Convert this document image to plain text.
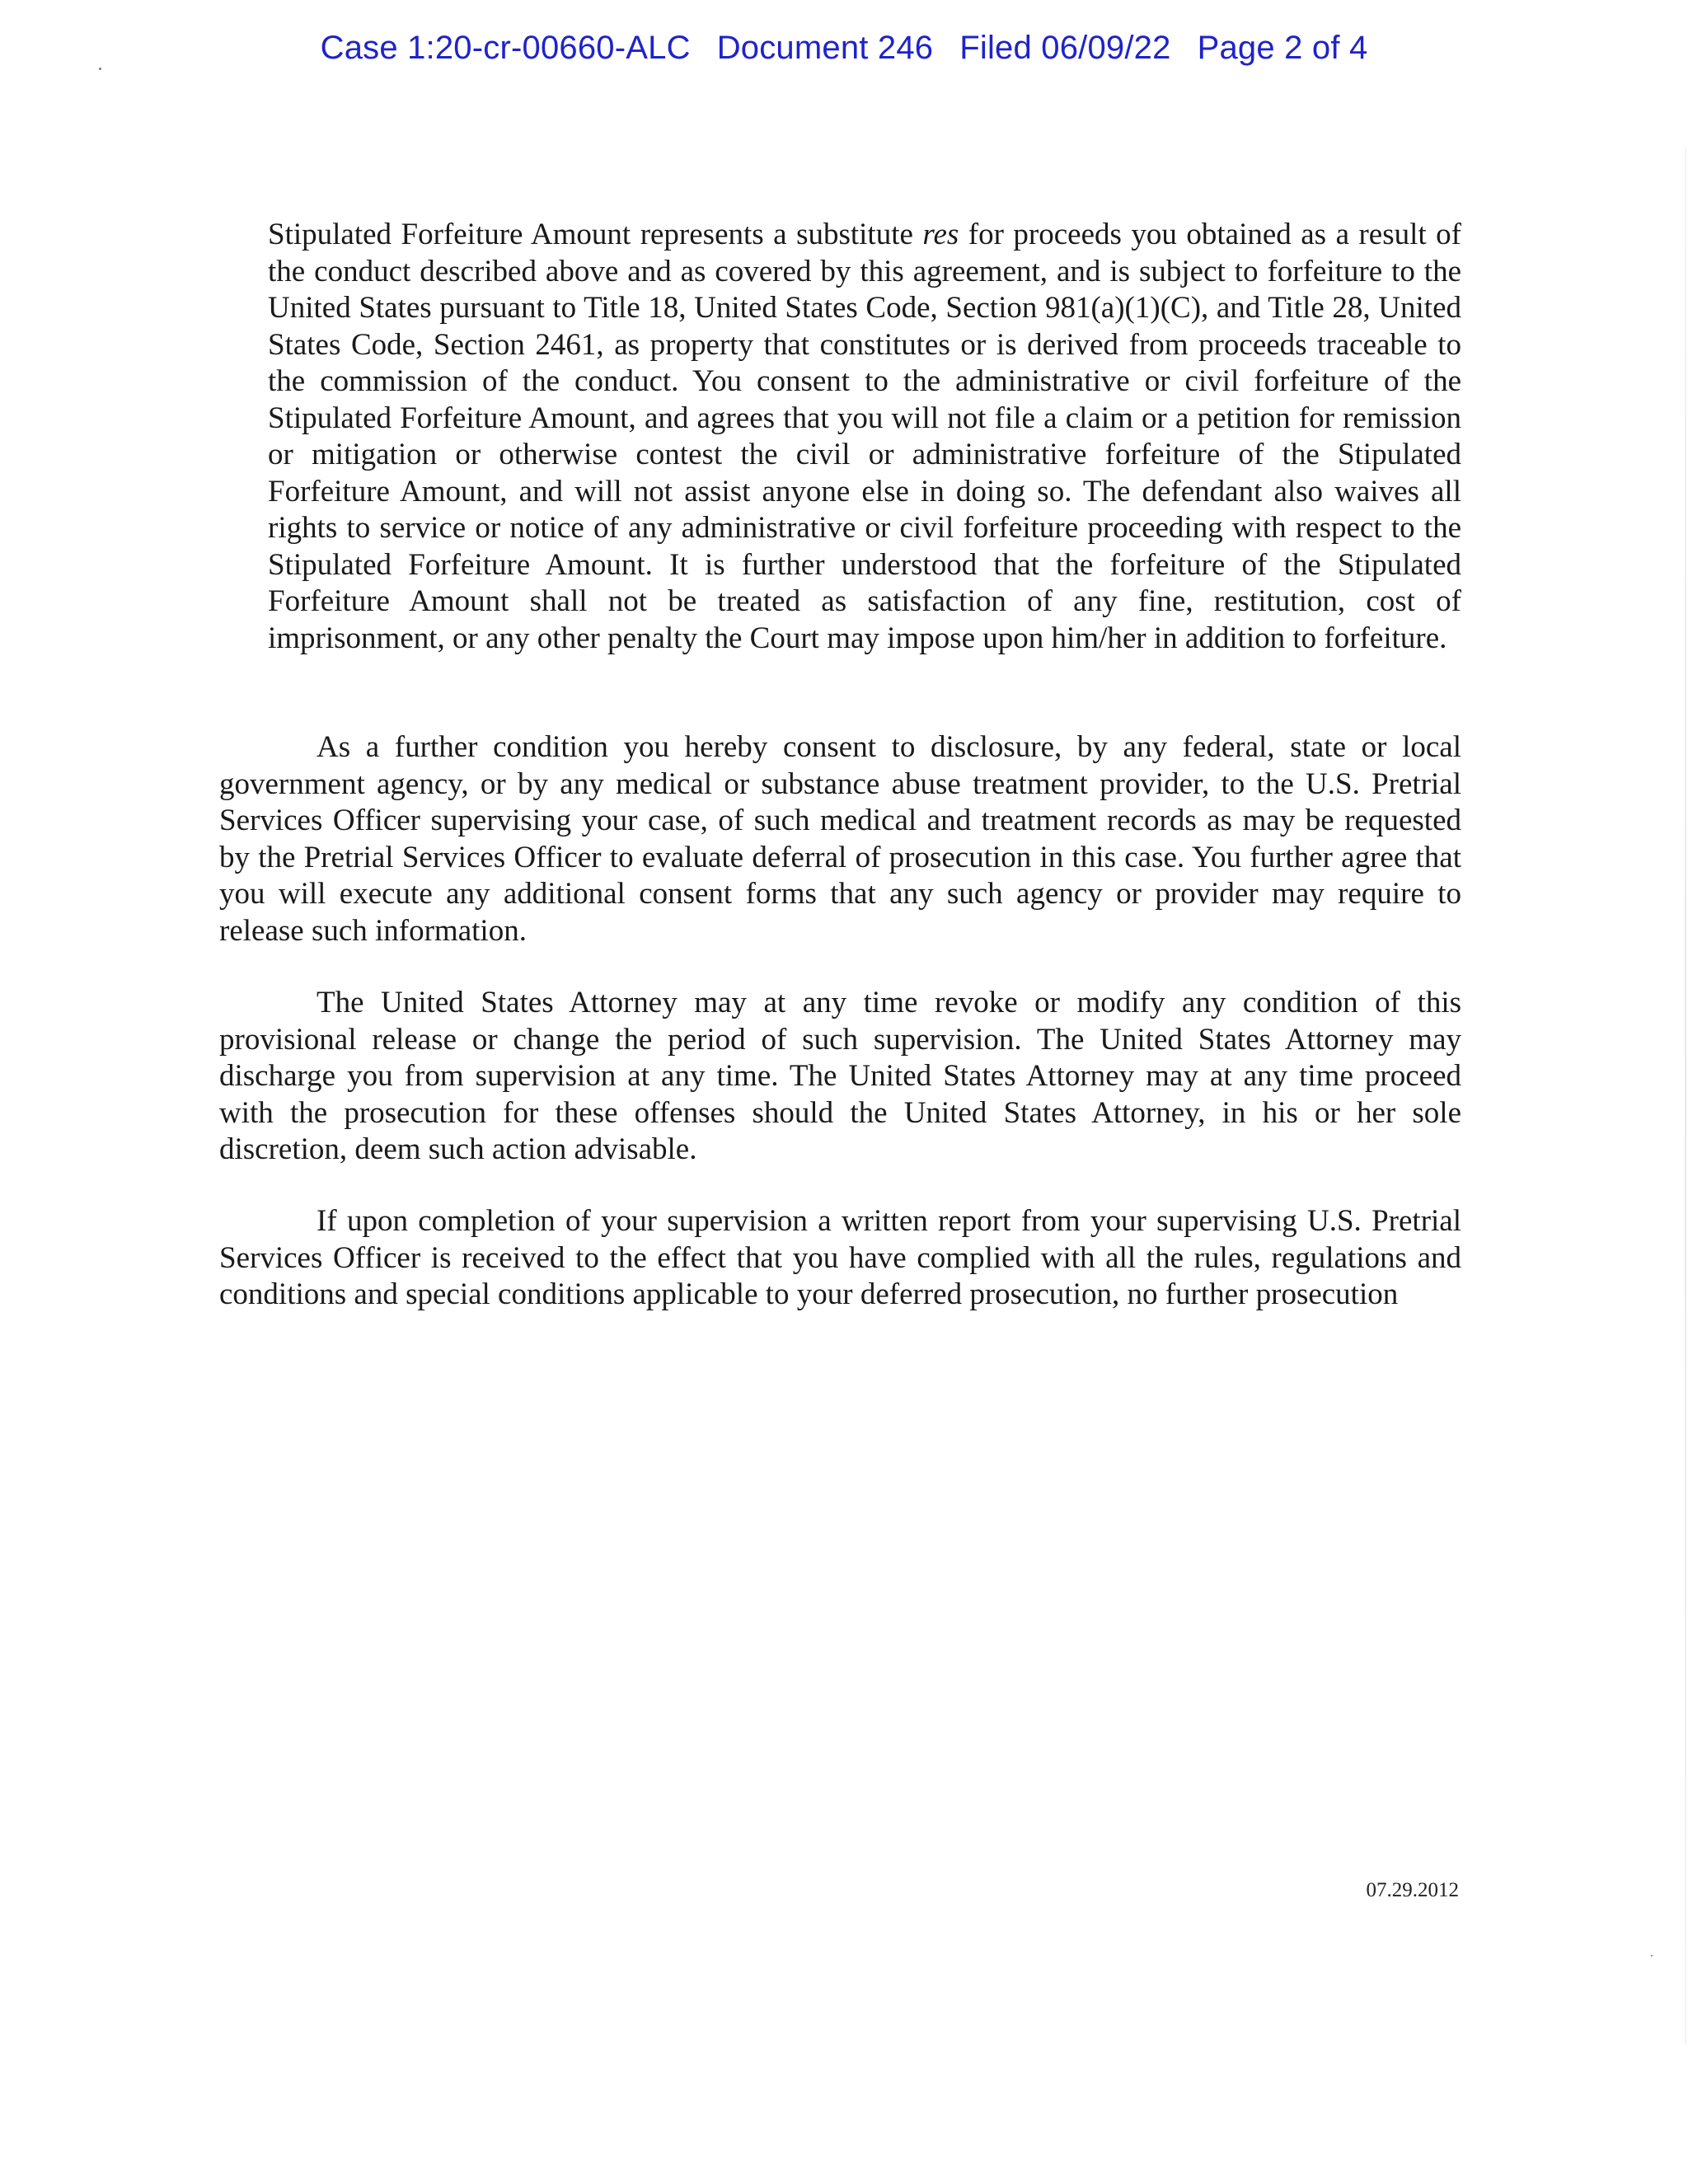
Case 1:20-cr-00660-ALC Document 246 Filed 06/09/22 Page 2 of 4
Stipulated Forfeiture Amount represents a substitute res for proceeds you obtained as a result of the conduct described above and as covered by this agreement, and is subject to forfeiture to the United States pursuant to Title 18, United States Code, Section 981(a)(1)(C), and Title 28, United States Code, Section 2461, as property that constitutes or is derived from proceeds traceable to the commission of the conduct. You consent to the administrative or civil forfeiture of the Stipulated Forfeiture Amount, and agrees that you will not file a claim or a petition for remission or mitigation or otherwise contest the civil or administrative forfeiture of the Stipulated Forfeiture Amount, and will not assist anyone else in doing so. The defendant also waives all rights to service or notice of any administrative or civil forfeiture proceeding with respect to the Stipulated Forfeiture Amount. It is further understood that the forfeiture of the Stipulated Forfeiture Amount shall not be treated as satisfaction of any fine, restitution, cost of imprisonment, or any other penalty the Court may impose upon him/her in addition to forfeiture.
As a further condition you hereby consent to disclosure, by any federal, state or local government agency, or by any medical or substance abuse treatment provider, to the U.S. Pretrial Services Officer supervising your case, of such medical and treatment records as may be requested by the Pretrial Services Officer to evaluate deferral of prosecution in this case. You further agree that you will execute any additional consent forms that any such agency or provider may require to release such information.
The United States Attorney may at any time revoke or modify any condition of this provisional release or change the period of such supervision. The United States Attorney may discharge you from supervision at any time. The United States Attorney may at any time proceed with the prosecution for these offenses should the United States Attorney, in his or her sole discretion, deem such action advisable.
If upon completion of your supervision a written report from your supervising U.S. Pretrial Services Officer is received to the effect that you have complied with all the rules, regulations and conditions and special conditions applicable to your deferred prosecution, no further prosecution
07.29.2012
